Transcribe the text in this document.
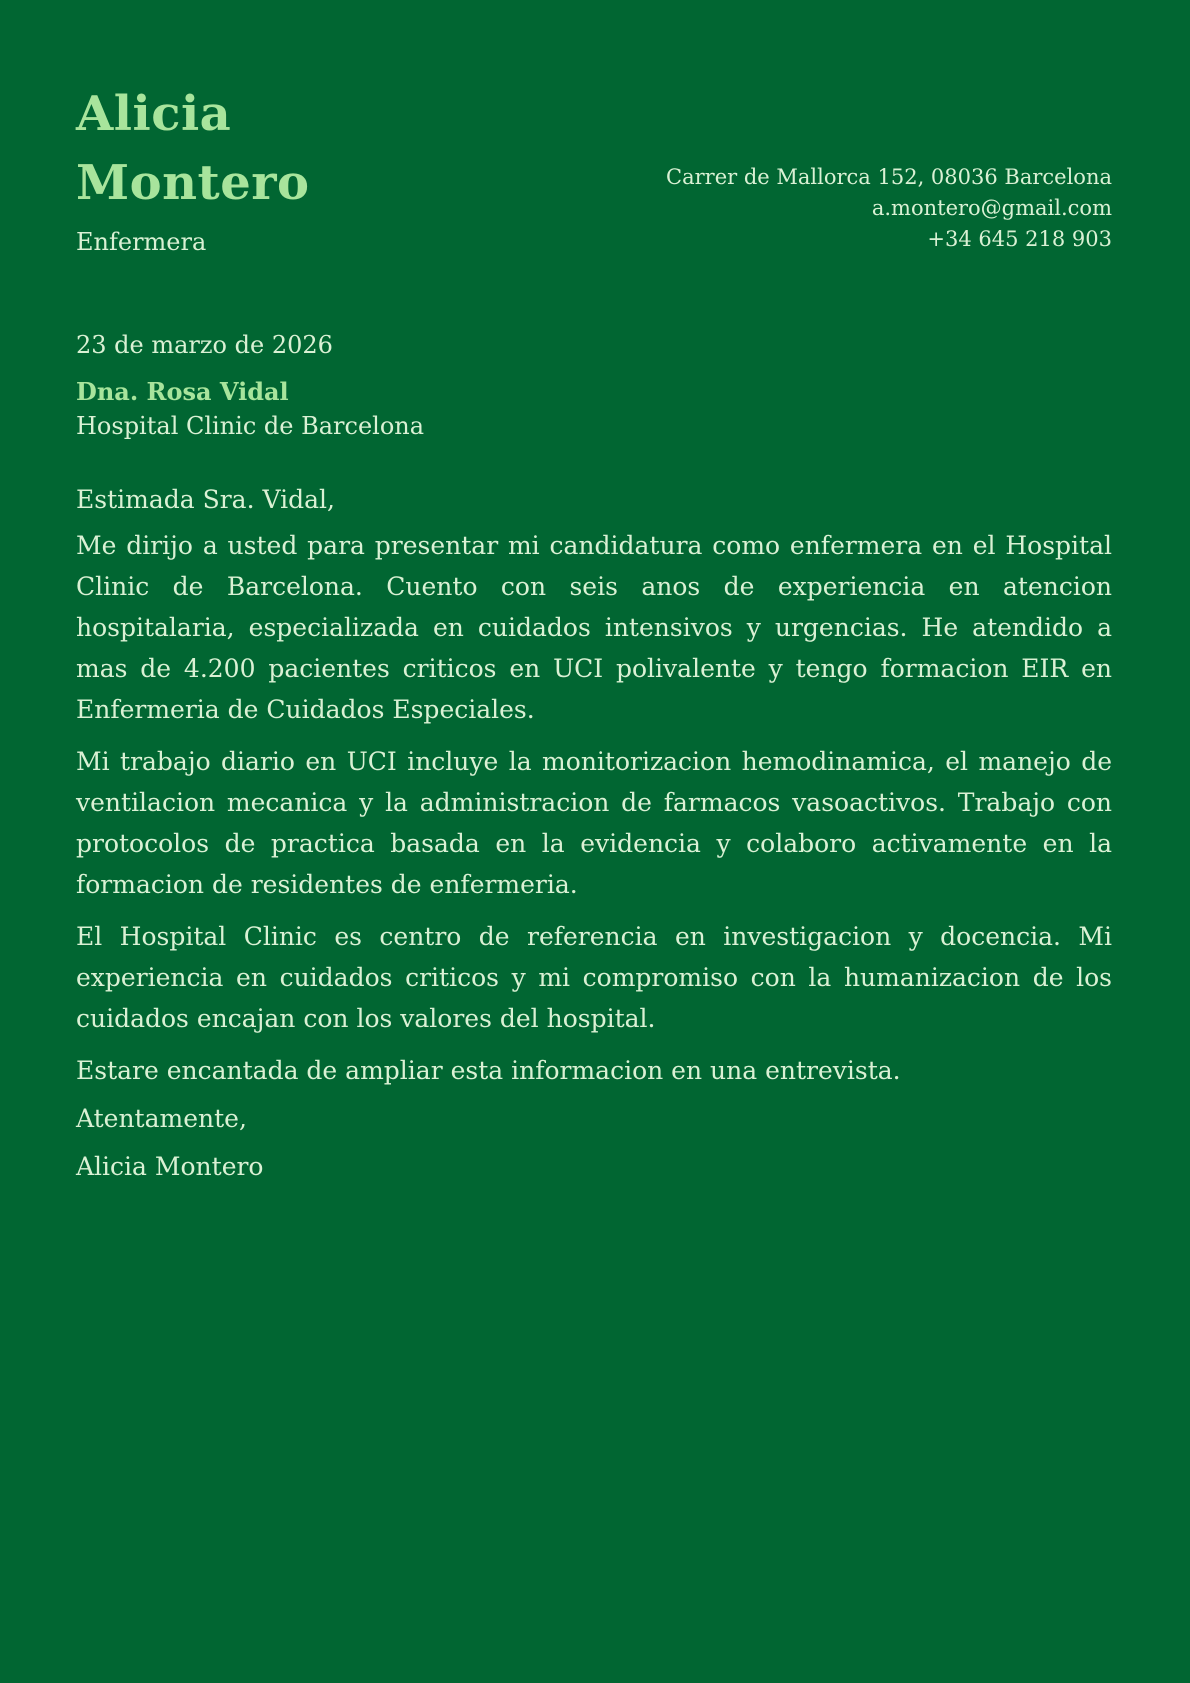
Alicia
Montero
Enfermera
Carrer de Mallorca 152, 08036 Barcelona
a.montero@gmail.com
+34 645 218 903
23 de marzo de 2026
Dna. Rosa Vidal
Hospital Clinic de Barcelona

Estimada Sra. Vidal,

Me dirijo a usted para presentar mi candidatura como enfermera en el Hospital Clinic de Barcelona. Cuento con seis anos de experiencia en atencion hospitalaria, especializada en cuidados intensivos y urgencias. He atendido a mas de 4.200 pacientes criticos en UCI polivalente y tengo formacion EIR en Enfermeria de Cuidados Especiales.

Mi trabajo diario en UCI incluye la monitorizacion hemodinamica, el manejo de ventilacion mecanica y la administracion de farmacos vasoactivos. Trabajo con protocolos de practica basada en la evidencia y colaboro activamente en la formacion de residentes de enfermeria.

El Hospital Clinic es centro de referencia en investigacion y docencia. Mi experiencia en cuidados criticos y mi compromiso con la humanizacion de los cuidados encajan con los valores del hospital.

Estare encantada de ampliar esta informacion en una entrevista.

Atentamente,

Alicia Montero
